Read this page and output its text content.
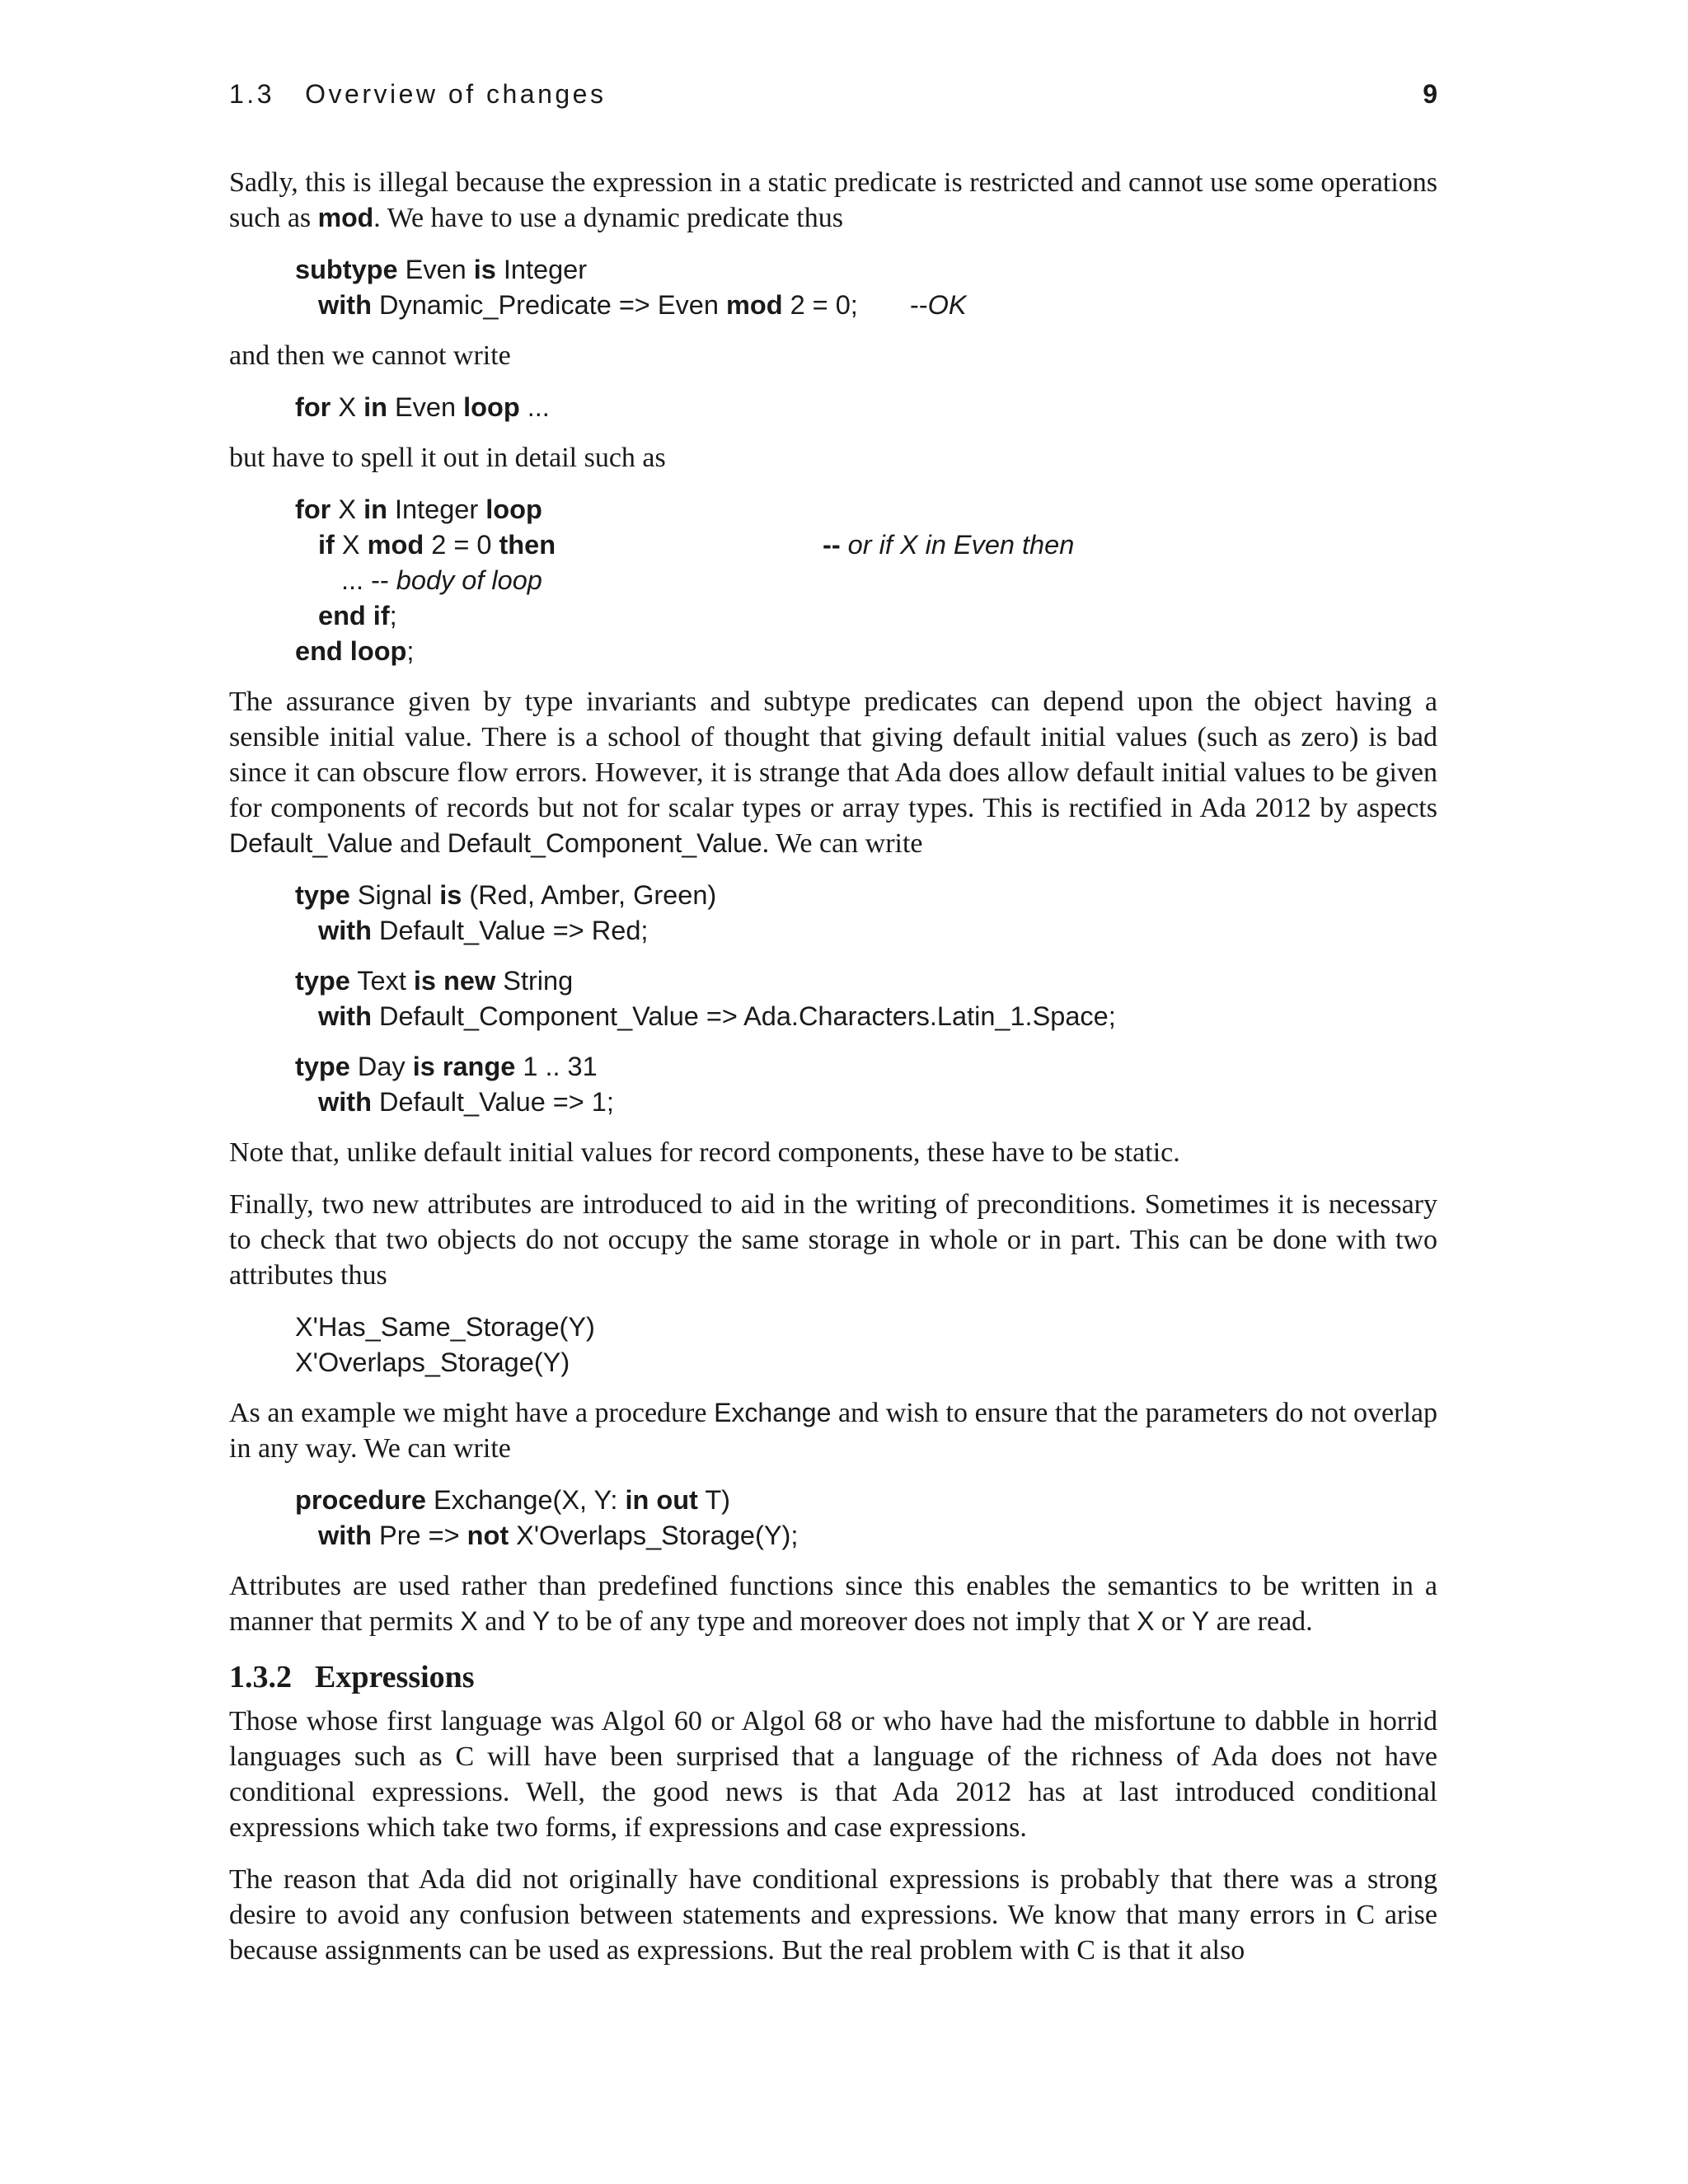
1.3   Overview of changes	9

Sadly, this is illegal because the expression in a static predicate is restricted and cannot use some operations such as mod. We have to use a dynamic predicate thus

subtype Even is Integer
with Dynamic_Predicate => Even mod 2 = 0; --OK

and then we cannot write

for X in Even loop ...

but have to spell it out in detail such as

for X in Integer loop
if X mod 2 = 0 then	-- or if X in Even then
... -- body of loop
end if;
end loop;

The assurance given by type invariants and subtype predicates can depend upon the object having a sensible initial value. There is a school of thought that giving default initial values (such as zero) is bad since it can obscure flow errors. However, it is strange that Ada does allow default initial values to be given for components of records but not for scalar types or array types. This is rectified in Ada 2012 by aspects Default_Value and Default_Component_Value. We can write

type Signal is (Red, Amber, Green)
with Default_Value => Red;
type Text is new String
with Default_Component_Value => Ada.Characters.Latin_1.Space;
type Day is range 1 .. 31
with Default_Value => 1;

Note that, unlike default initial values for record components, these have to be static.

Finally, two new attributes are introduced to aid in the writing of preconditions. Sometimes it is necessary to check that two objects do not occupy the same storage in whole or in part. This can be done with two attributes thus

X'Has_Same_Storage(Y)
X'Overlaps_Storage(Y)

As an example we might have a procedure Exchange and wish to ensure that the parameters do not overlap in any way. We can write

procedure Exchange(X, Y: in out T)
with Pre => not X'Overlaps_Storage(Y);

Attributes are used rather than predefined functions since this enables the semantics to be written in a manner that permits X and Y to be of any type and moreover does not imply that X or Y are read.

1.3.2 Expressions

Those whose first language was Algol 60 or Algol 68 or who have had the misfortune to dabble in horrid languages such as C will have been surprised that a language of the richness of Ada does not have conditional expressions. Well, the good news is that Ada 2012 has at last introduced conditional expressions which take two forms, if expressions and case expressions.

The reason that Ada did not originally have conditional expressions is probably that there was a strong desire to avoid any confusion between statements and expressions. We know that many errors in C arise because assignments can be used as expressions. But the real problem with C is that it also
